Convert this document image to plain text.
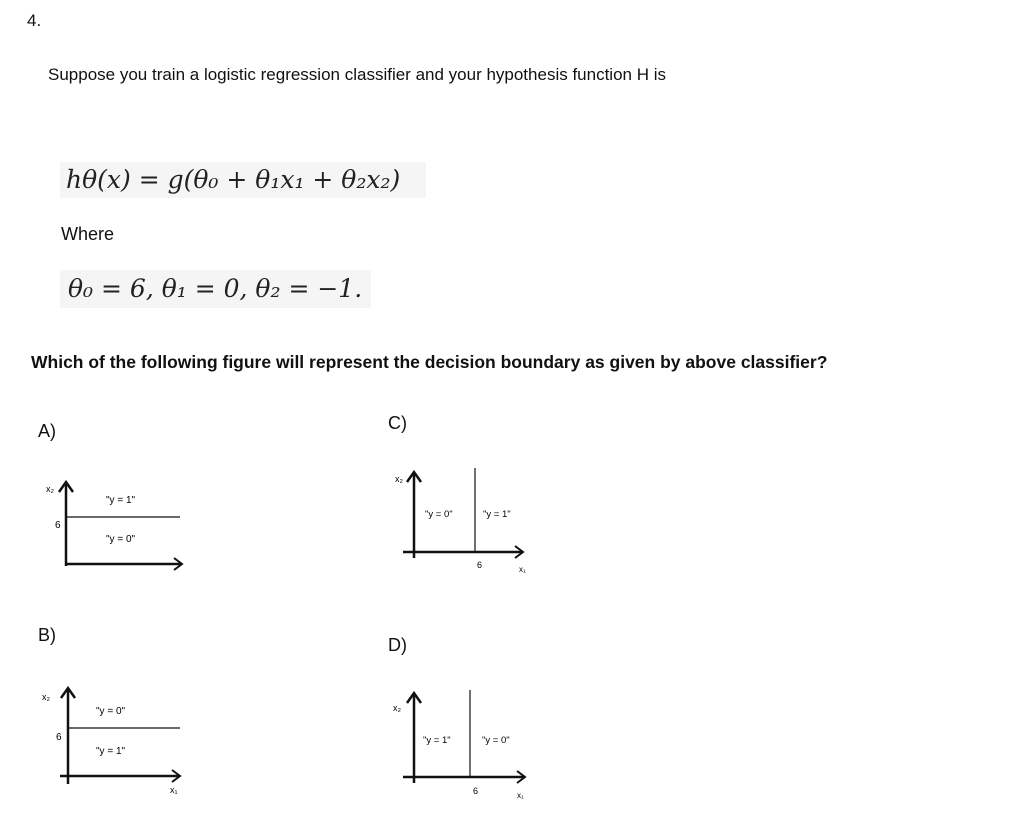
4.
Suppose you train a logistic regression classifier and your hypothesis function H is
hθ(x) = g(θ₀ + θ₁x₁ + θ₂x₂)
Where
θ₀ = 6, θ₁ = 0, θ₂ = −1.
Which of the following figure will represent the decision boundary as given by above classifier?
A)
x₂
6
"y = 1"
"y = 0"
B)
x₂
x₁
6
"y = 0"
"y = 1"
C)
x₂
x₁
6
"y = 0"	"y = 1"
D)
x₂
x₁
6
"y = 1"	"y = 0"
